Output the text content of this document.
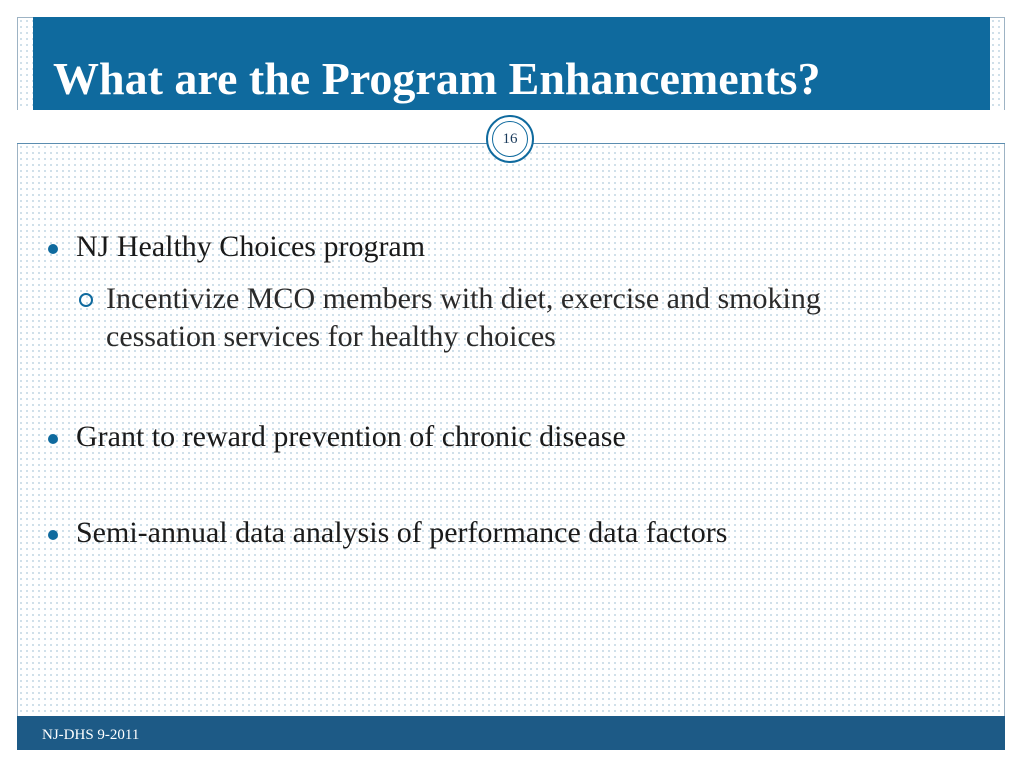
What are the Program Enhancements?
16
NJ Healthy Choices program
Incentivize MCO members with diet, exercise and smoking cessation services for healthy choices
Grant to reward prevention of chronic disease
Semi-annual data analysis of performance data factors
NJ-DHS 9-2011
